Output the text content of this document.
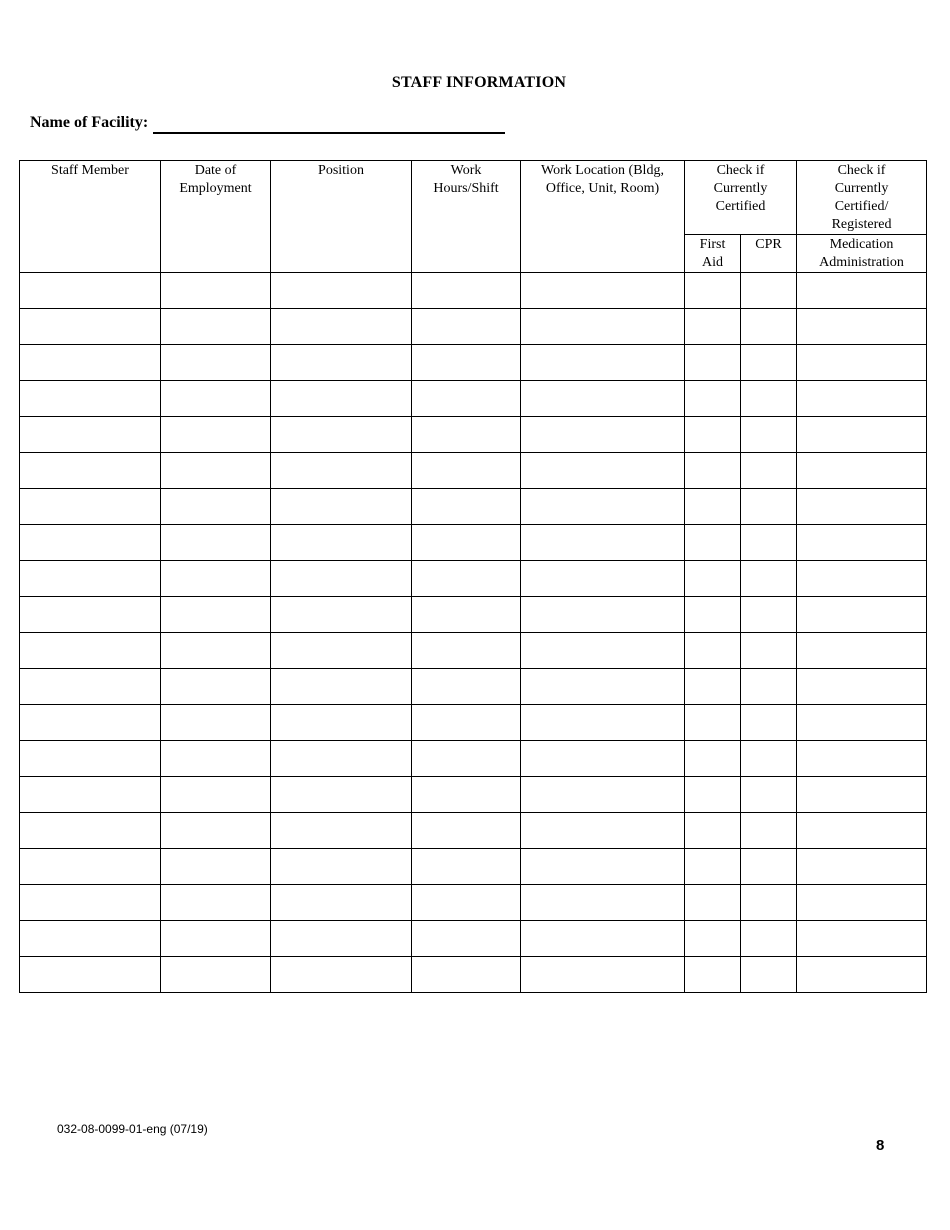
STAFF INFORMATION
Name of Facility:
Staff Member	Date of Employment	Position	Work Hours/Shift	Work Location (Bldg, Office, Unit, Room)	Check if Currently Certified		Check if Currently Certified/ Registered
					First Aid	CPR	Medication Administration

032-08-0099-01-eng (07/19)
8
